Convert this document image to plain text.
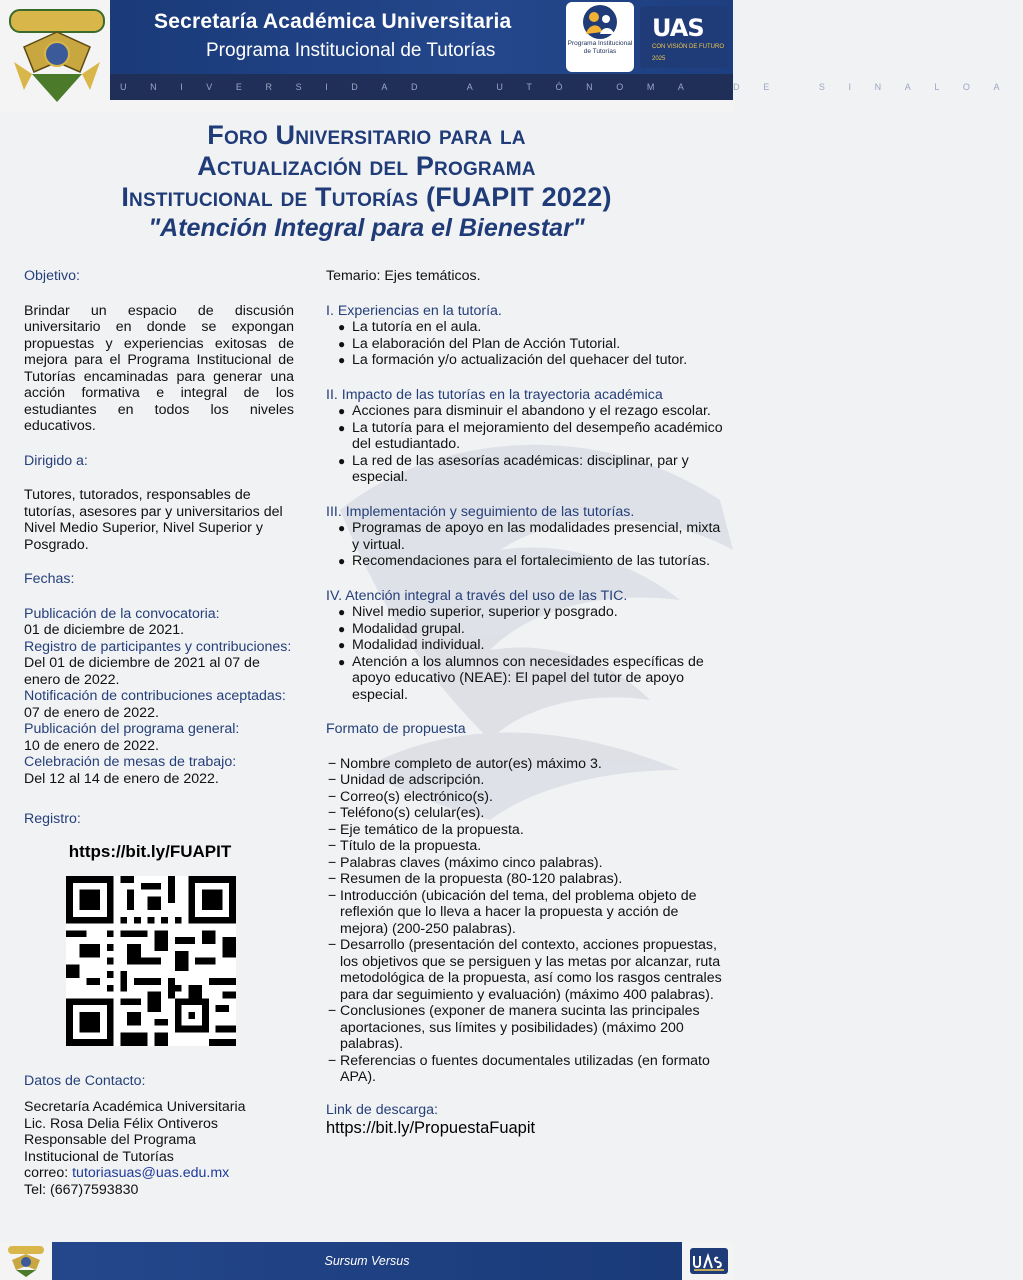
Secretaría Académica Universitaria
Programa Institucional de Tutorías
UNIVERSIDAD AUTÓNOMA DE SINALOA
Programa Institucional de Tutorías
UAS
CON VISIÓN DE FUTURO
2025
Foro Universitario para la
Actualización del Programa
Institucional de Tutorías (FUAPIT 2022)
"Atención Integral para el Bienestar"
Objetivo:
Brindar un espacio de discusión universitario en donde se expongan propuestas y experiencias exitosas de mejora para el Programa Institucional de Tutorías encaminadas para generar una acción formativa e integral de los estudiantes en todos los niveles educativos.
Dirigido a:
Tutores, tutorados, responsables de tutorías, asesores par y universitarios del Nivel Medio Superior, Nivel Superior y Posgrado.
Fechas:
Publicación de la convocatoria:
01 de diciembre de 2021.
Registro de participantes y contribuciones:
Del 01 de diciembre de 2021 al 07 de enero de 2022.
Notificación de contribuciones aceptadas:
07 de enero de 2022.
Publicación del programa general:
10 de enero de 2022.
Celebración de mesas de trabajo:
Del 12 al 14 de enero de 2022.
Registro:
https://bit.ly/FUAPIT
Datos de Contacto:
Secretaría Académica Universitaria
Lic. Rosa Delia Félix Ontiveros
Responsable del Programa
Institucional de Tutorías
correo: tutoriasuas@uas.edu.mx
Tel: (667)7593830
Temario: Ejes temáticos.
I. Experiencias en la tutoría.
● La tutoría en el aula.
● La elaboración del Plan de Acción Tutorial.
● La formación y/o actualización del quehacer del tutor.
II. Impacto de las tutorías en la trayectoria académica
● Acciones para disminuir el abandono y el rezago escolar.
● La tutoría para el mejoramiento del desempeño académico del estudiantado.
● La red de las asesorías académicas: disciplinar, par y especial.
III. Implementación y seguimiento de las tutorías.
● Programas de apoyo en las modalidades presencial, mixta y virtual.
● Recomendaciones para el fortalecimiento de las tutorías.
IV. Atención integral a través del uso de las TIC.
● Nivel medio superior, superior y posgrado.
● Modalidad grupal.
● Modalidad individual.
● Atención a los alumnos con necesidades específicas de apoyo educativo (NEAE): El papel del tutor de apoyo especial.
Formato de propuesta
− Nombre completo de autor(es) máximo 3.
− Unidad de adscripción.
− Correo(s) electrónico(s).
− Teléfono(s) celular(es).
− Eje temático de la propuesta.
− Título de la propuesta.
− Palabras claves (máximo cinco palabras).
− Resumen de la propuesta (80-120 palabras).
− Introducción (ubicación del tema, del problema objeto de reflexión que lo lleva a hacer la propuesta y acción de mejora) (200-250 palabras).
− Desarrollo (presentación del contexto, acciones propuestas, los objetivos que se persiguen y las metas por alcanzar, ruta metodológica de la propuesta, así como los rasgos centrales para dar seguimiento y evaluación) (máximo 400 palabras).
− Conclusiones (exponer de manera sucinta las principales aportaciones, sus límites y posibilidades) (máximo 200 palabras).
− Referencias o fuentes documentales utilizadas (en formato APA).
Link de descarga:
https://bit.ly/PropuestaFuapit
Sursum Versus
